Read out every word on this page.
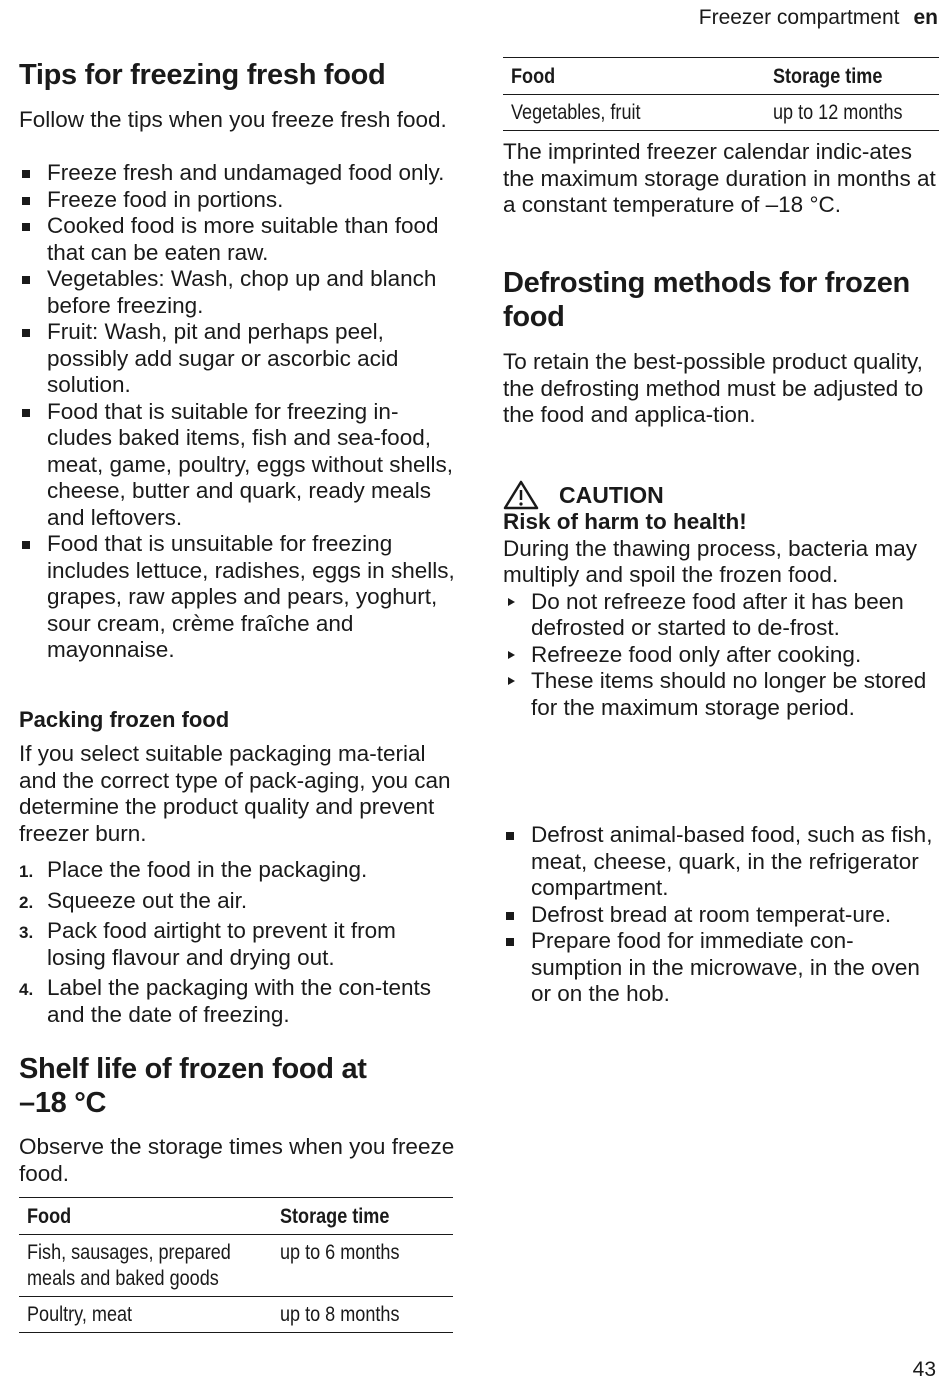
Freezer compartment en
Tips for freezing fresh food

Follow the tips when you freeze fresh food.

Freeze fresh and undamaged food only.
Freeze food in portions.
Cooked food is more suitable than food that can be eaten raw.
Vegetables: Wash, chop up and blanch before freezing.
Fruit: Wash, pit and perhaps peel, possibly add sugar or ascorbic acid solution.
Food that is suitable for freezing in-cludes baked items, fish and sea-food, meat, game, poultry, eggs without shells, cheese, butter and quark, ready meals and leftovers.
Food that is unsuitable for freezing includes lettuce, radishes, eggs in shells, grapes, raw apples and pears, yoghurt, sour cream, crème fraîche and mayonnaise.
Packing frozen food

If you select suitable packaging ma-terial and the correct type of pack-aging, you can determine the product quality and prevent freezer burn.

1. Place the food in the packaging.
2. Squeeze out the air.
3. Pack food airtight to prevent it from losing flavour and drying out.
4. Label the packaging with the con-tents and the date of freezing.
Shelf life of frozen food at
–18 °C

Observe the storage times when you freeze food.

Food	Storage time
Fish, sausages, prepared
meals and baked goods	up to 6 months
Poultry, meat	up to 8 months
Food	Storage time
Vegetables, fruit	up to 12 months

The imprinted freezer calendar indic-ates the maximum storage duration in months at a constant temperature of –18 °C.

Defrosting methods for frozen food

To retain the best-possible product quality, the defrosting method must be adjusted to the food and applica-tion.

CAUTION

Risk of harm to health!

During the thawing process, bacteria may multiply and spoil the frozen food.

Do not refreeze food after it has been defrosted or started to de-frost.
Refreeze food only after cooking.
These items should no longer be stored for the maximum storage period.
Defrost animal-based food, such as fish, meat, cheese, quark, in the refrigerator compartment.
Defrost bread at room temperat-ure.
Prepare food for immediate con-sumption in the microwave, in the oven or on the hob.
43
